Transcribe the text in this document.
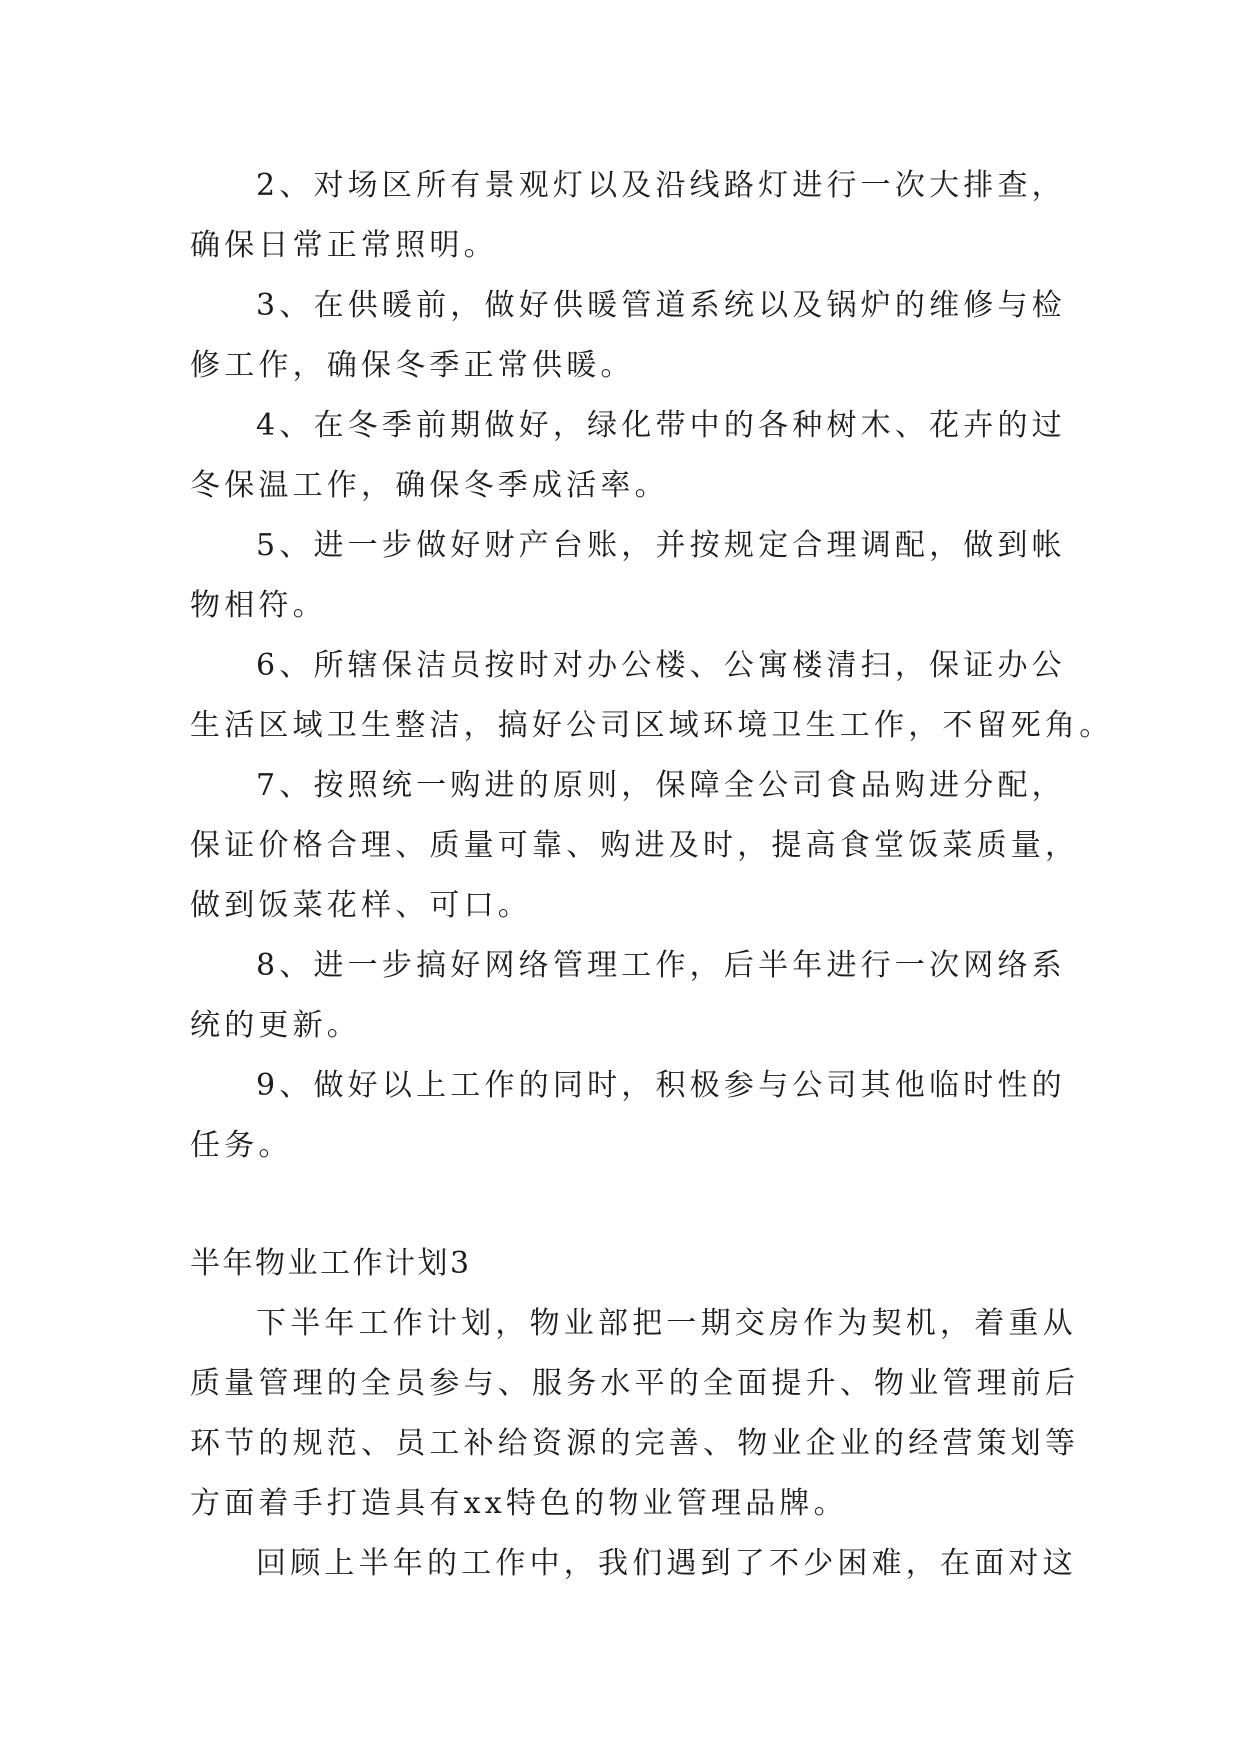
2、对场区所有景观灯以及沿线路灯进行一次大排查，
确保日常正常照明。
3、在供暖前，做好供暖管道系统以及锅炉的维修与检
修工作，确保冬季正常供暖。
4、在冬季前期做好，绿化带中的各种树木、花卉的过
冬保温工作，确保冬季成活率。
5、进一步做好财产台账，并按规定合理调配，做到帐
物相符。
6、所辖保洁员按时对办公楼、公寓楼清扫，保证办公
生活区域卫生整洁，搞好公司区域环境卫生工作，不留死角。
7、按照统一购进的原则，保障全公司食品购进分配，
保证价格合理、质量可靠、购进及时，提高食堂饭菜质量，
做到饭菜花样、可口。
8、进一步搞好网络管理工作，后半年进行一次网络系
统的更新。
9、做好以上工作的同时，积极参与公司其他临时性的
任务。
半年物业工作计划3
下半年工作计划，物业部把一期交房作为契机，着重从
质量管理的全员参与、服务水平的全面提升、物业管理前后
环节的规范、员工补给资源的完善、物业企业的经营策划等
方面着手打造具有xx特色的物业管理品牌。
回顾上半年的工作中，我们遇到了不少困难，在面对这
